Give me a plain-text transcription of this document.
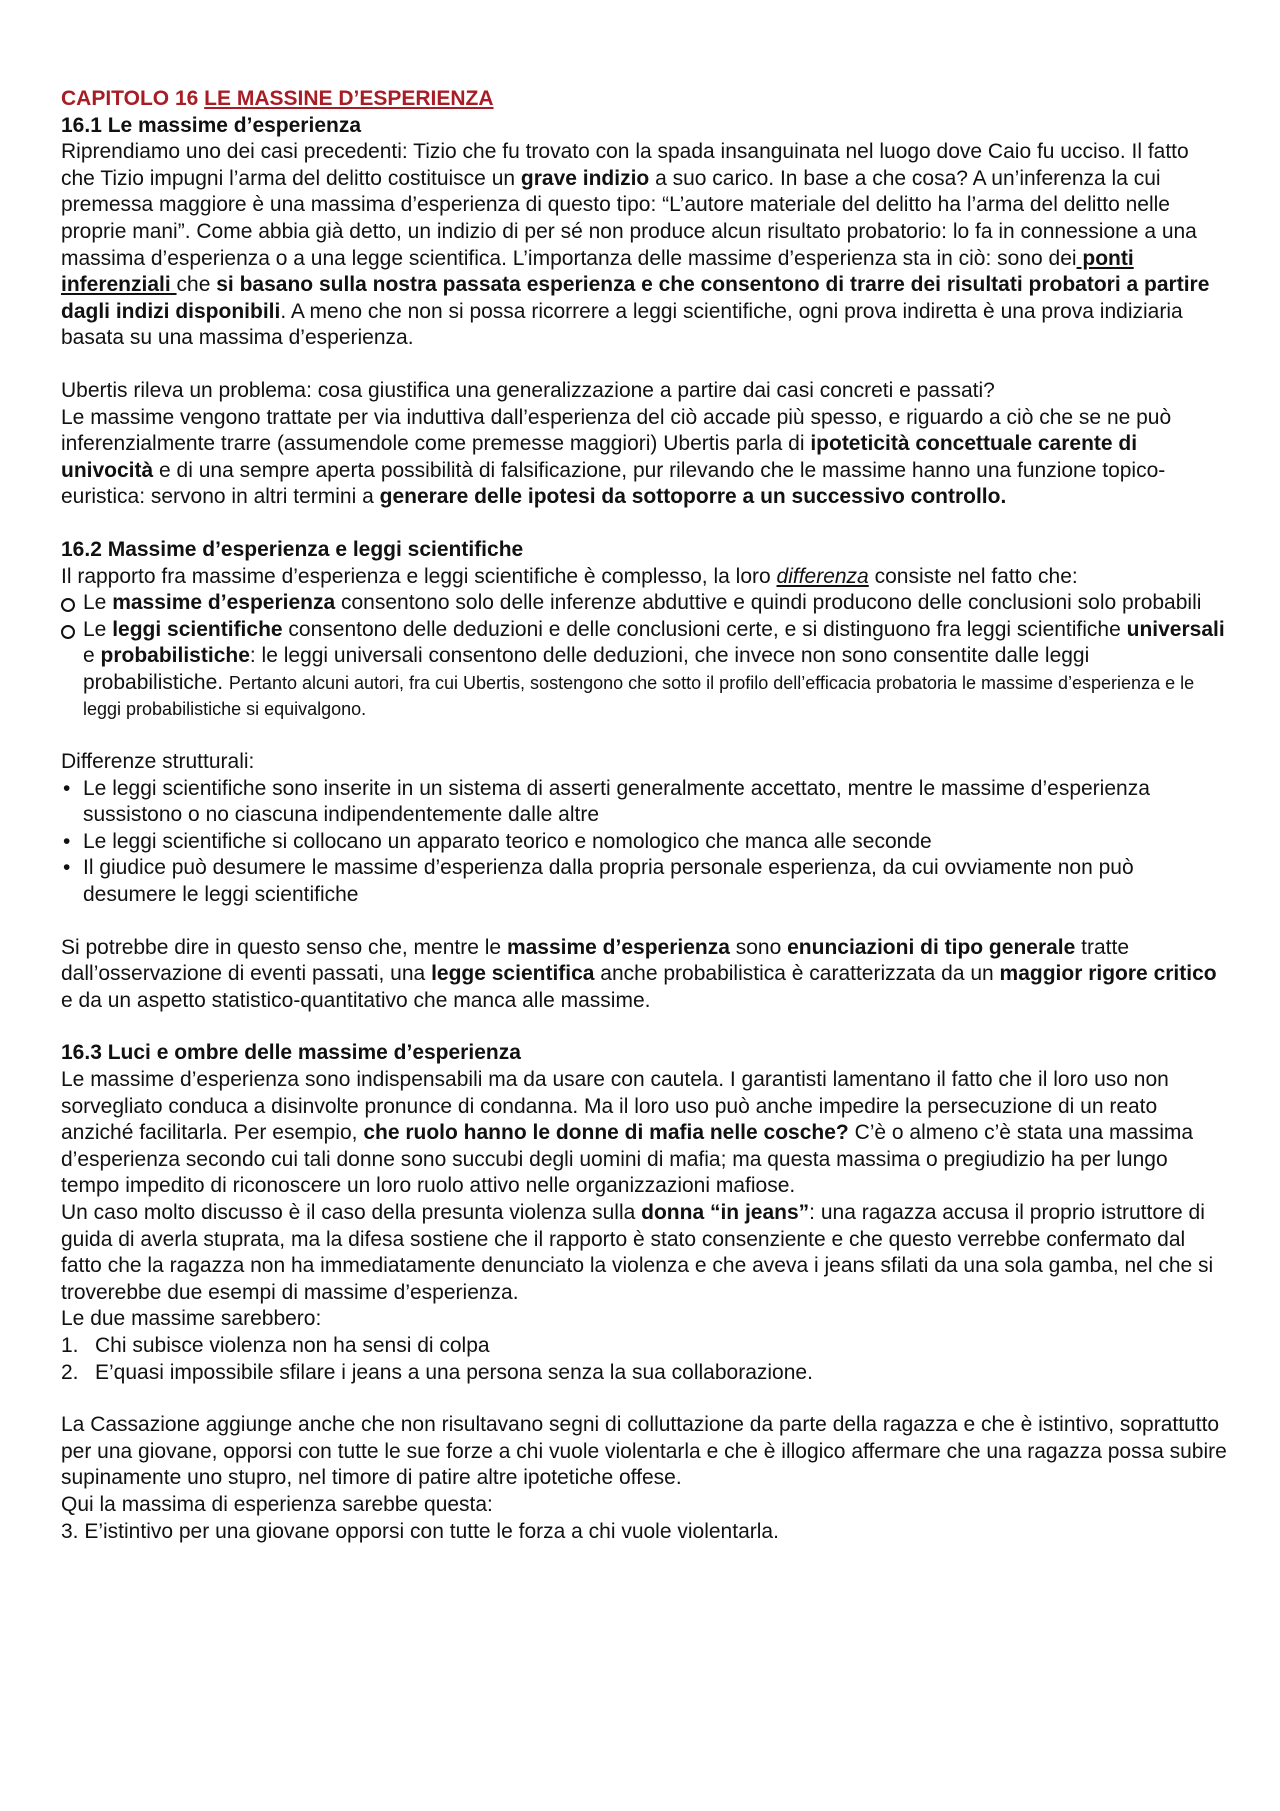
CAPITOLO 16 LE MASSINE D’ESPERIENZA

16.1 Le massime d’esperienza

Riprendiamo uno dei casi precedenti: Tizio che fu trovato con la spada insanguinata nel luogo dove Caio fu ucciso. Il fatto che Tizio impugni l’arma del delitto costituisce un grave indizio a suo carico. In base a che cosa? A un’inferenza la cui premessa maggiore è una massima d’esperienza di questo tipo: “L’autore materiale del delitto ha l’arma del delitto nelle proprie mani”. Come abbia già detto, un indizio di per sé non produce alcun risultato probatorio: lo fa in connessione a una massima d’esperienza o a una legge scientifica. L’importanza delle massime d’esperienza sta in ciò: sono dei ponti inferenziali che si basano sulla nostra passata esperienza e che consentono di trarre dei risultati probatori a partire dagli indizi disponibili. A meno che non si possa ricorrere a leggi scientifiche, ogni prova indiretta è una prova indiziaria basata su una massima d’esperienza.

Ubertis rileva un problema: cosa giustifica una generalizzazione a partire dai casi concreti e passati?

Le massime vengono trattate per via induttiva dall’esperienza del ciò accade più spesso, e riguardo a ciò che se ne può inferenzialmente trarre (assumendole come premesse maggiori) Ubertis parla di ipoteticità concettuale carente di univocità e di una sempre aperta possibilità di falsificazione, pur rilevando che le massime hanno una funzione topico-euristica: servono in altri termini a generare delle ipotesi da sottoporre a un successivo controllo.

16.2 Massime d’esperienza e leggi scientifiche

Il rapporto fra massime d’esperienza e leggi scientifiche è complesso, la loro differenza consiste nel fatto che:

Le massime d’esperienza consentono solo delle inferenze abduttive e quindi producono delle conclusioni solo probabili
Le leggi scientifiche consentono delle deduzioni e delle conclusioni certe, e si distinguono fra leggi scientifiche universali e probabilistiche: le leggi universali consentono delle deduzioni, che invece non sono consentite dalle leggi probabilistiche. Pertanto alcuni autori, fra cui Ubertis, sostengono che sotto il profilo dell’efficacia probatoria le massime d’esperienza e le leggi probabilistiche si equivalgono.

Differenze strutturali:

• Le leggi scientifiche sono inserite in un sistema di asserti generalmente accettato, mentre le massime d’esperienza sussistono o no ciascuna indipendentemente dalle altre
• Le leggi scientifiche si collocano un apparato teorico e nomologico che manca alle seconde
• Il giudice può desumere le massime d’esperienza dalla propria personale esperienza, da cui ovviamente non può desumere le leggi scientifiche

Si potrebbe dire in questo senso che, mentre le massime d’esperienza sono enunciazioni di tipo generale tratte dall’osservazione di eventi passati, una legge scientifica anche probabilistica è caratterizzata da un maggior rigore critico e da un aspetto statistico-quantitativo che manca alle massime.

16.3 Luci e ombre delle massime d’esperienza

Le massime d’esperienza sono indispensabili ma da usare con cautela. I garantisti lamentano il fatto che il loro uso non sorvegliato conduca a disinvolte pronunce di condanna. Ma il loro uso può anche impedire la persecuzione di un reato anziché facilitarla. Per esempio, che ruolo hanno le donne di mafia nelle cosche? C’è o almeno c’è stata una massima d’esperienza secondo cui tali donne sono succubi degli uomini di mafia; ma questa massima o pregiudizio ha per lungo tempo impedito di riconoscere un loro ruolo attivo nelle organizzazioni mafiose.

Un caso molto discusso è il caso della presunta violenza sulla donna “in jeans”: una ragazza accusa il proprio istruttore di guida di averla stuprata, ma la difesa sostiene che il rapporto è stato consenziente e che questo verrebbe confermato dal fatto che la ragazza non ha immediatamente denunciato la violenza e che aveva i jeans sfilati da una sola gamba, nel che si troverebbe due esempi di massime d’esperienza.

Le due massime sarebbero:

1. Chi subisce violenza non ha sensi di colpa
2. E’quasi impossibile sfilare i jeans a una persona senza la sua collaborazione.

La Cassazione aggiunge anche che non risultavano segni di colluttazione da parte della ragazza e che è istintivo, soprattutto per una giovane, opporsi con tutte le sue forze a chi vuole violentarla e che è illogico affermare che una ragazza possa subire supinamente uno stupro, nel timore di patire altre ipotetiche offese.

Qui la massima di esperienza sarebbe questa:

3. E’istintivo per una giovane opporsi con tutte le forza a chi vuole violentarla.
